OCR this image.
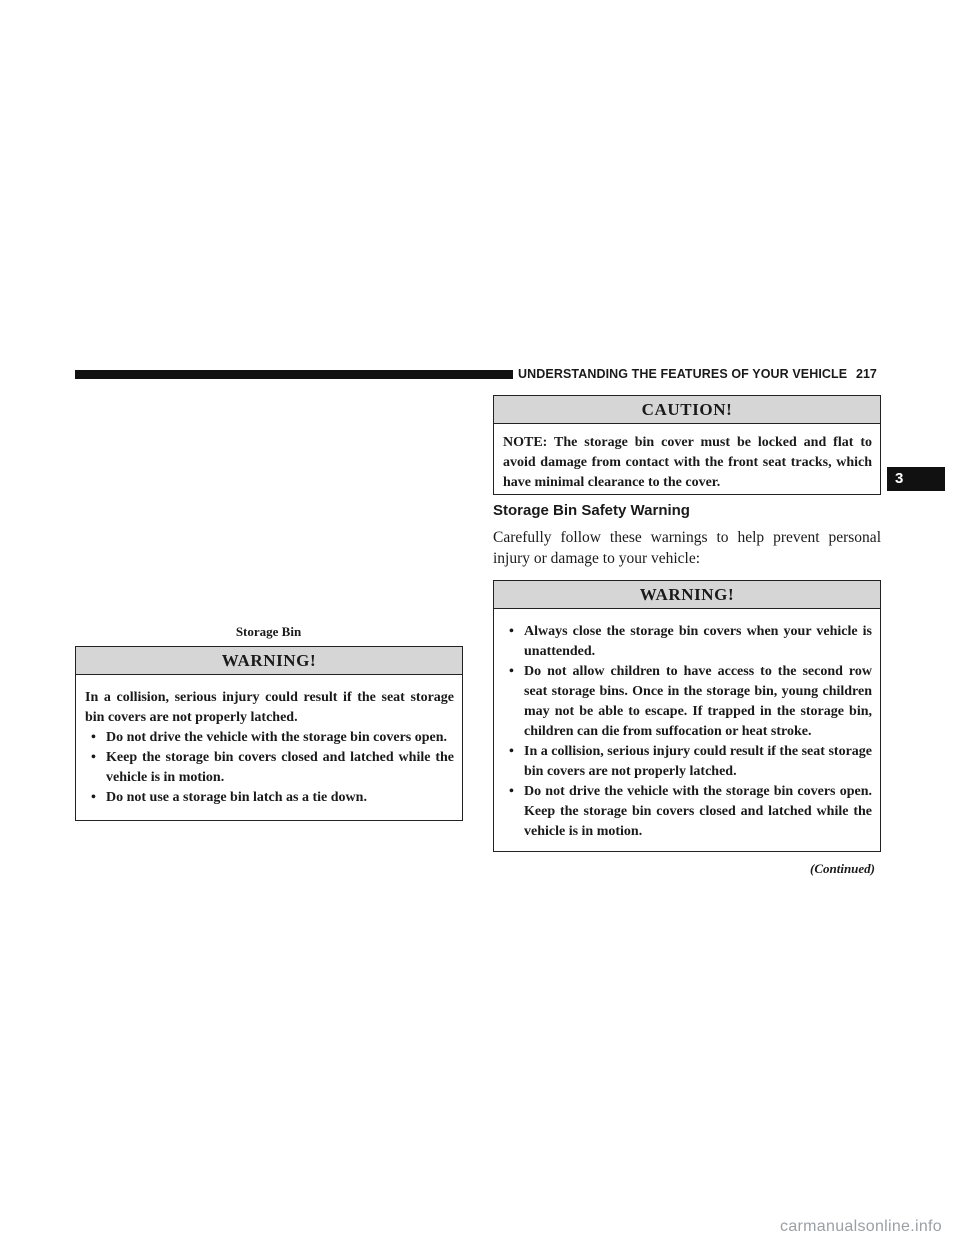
UNDERSTANDING THE FEATURES OF YOUR VEHICLE 217
3
Storage Bin
WARNING!

In a collision, serious injury could result if the seat storage bin covers are not properly latched.

• Do not drive the vehicle with the storage bin covers open.
• Keep the storage bin covers closed and latched while the vehicle is in motion.
• Do not use a storage bin latch as a tie down.
CAUTION!

NOTE: The storage bin cover must be locked and flat to avoid damage from contact with the front seat tracks, which have minimal clearance to the cover.

Storage Bin Safety Warning
Carefully follow these warnings to help prevent personal injury or damage to your vehicle:
WARNING!
• Always close the storage bin covers when your vehicle is unattended.
• Do not allow children to have access to the second row seat storage bins. Once in the storage bin, young children may not be able to escape. If trapped in the storage bin, children can die from suffocation or heat stroke.
• In a collision, serious injury could result if the seat storage bin covers are not properly latched.
• Do not drive the vehicle with the storage bin covers open. Keep the storage bin covers closed and latched while the vehicle is in motion.
(Continued)
carmanualsonline.info
